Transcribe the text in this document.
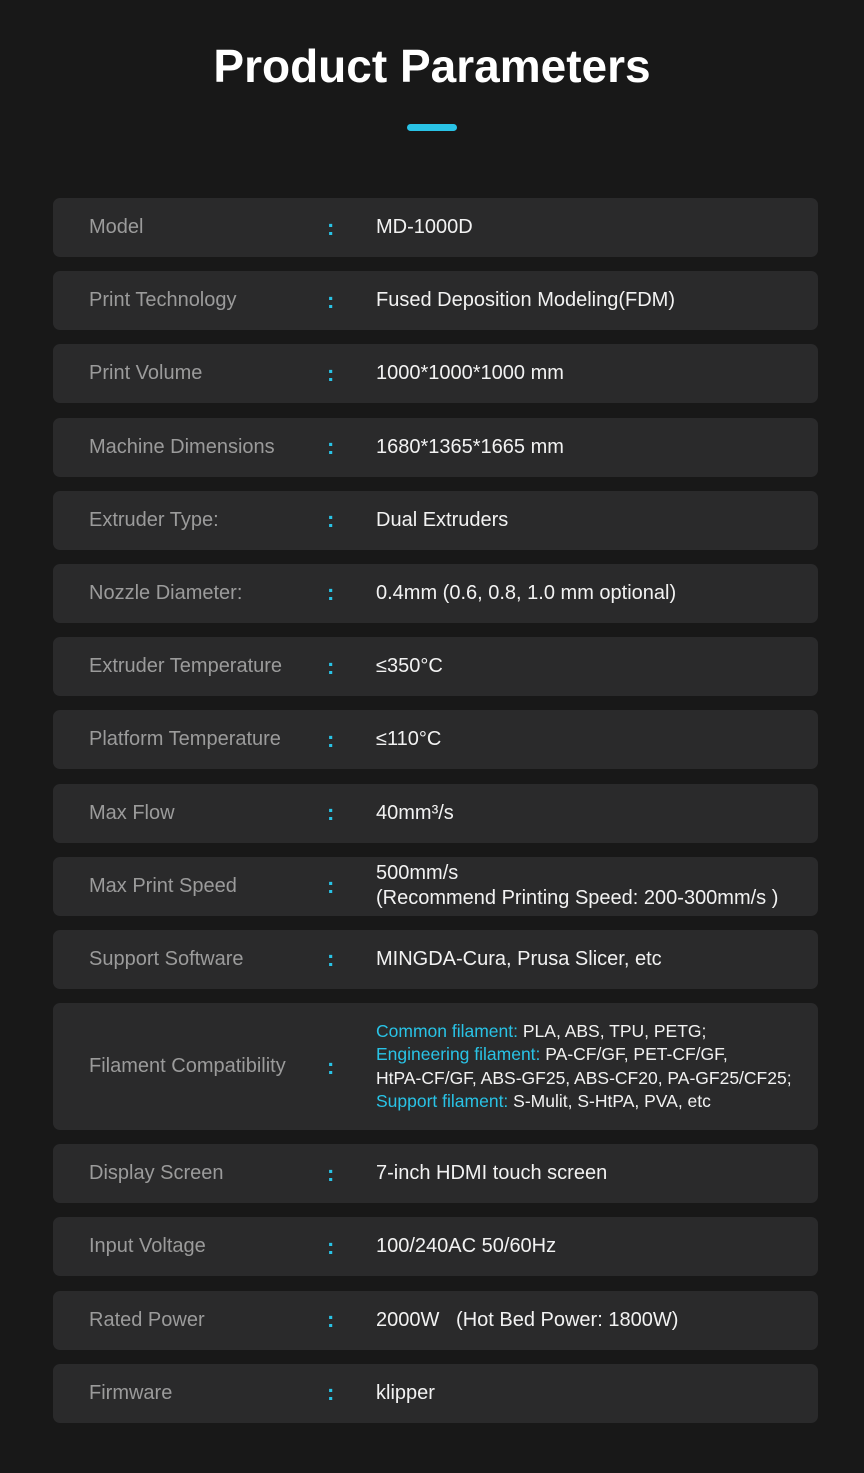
Product Parameters
Model	: MD-1000D
Print Technology	: Fused Deposition Modeling(FDM)
Print Volume	: 1000*1000*1000 mm
Machine Dimensions : 1680*1365*1665 mm
Extruder Type:	: Dual Extruders
Nozzle Diameter:	: 0.4mm (0.6, 0.8, 1.0 mm optional)
Extruder Temperature : ≤350°C
Platform Temperature : ≤110°C
Max Flow	: 40mm³/s
Max Print Speed	: 500mm/s
(Recommend Printing Speed: 200-300mm/s )
Support Software	: MINGDA-Cura, Prusa Slicer, etc
Filament Compatibility :
Common filament: PLA, ABS, TPU, PETG;
Engineering filament: PA-CF/GF, PET-CF/GF,
HtPA-CF/GF, ABS-GF25, ABS-CF20, PA-GF25/CF25;
Support filament: S-Mulit, S-HtPA, PVA, etc
Display Screen	: 7-inch HDMI touch screen
Input Voltage	: 100/240AC 50/60Hz
Rated Power	: 2000W   (Hot Bed Power: 1800W)
Firmware	: klipper
